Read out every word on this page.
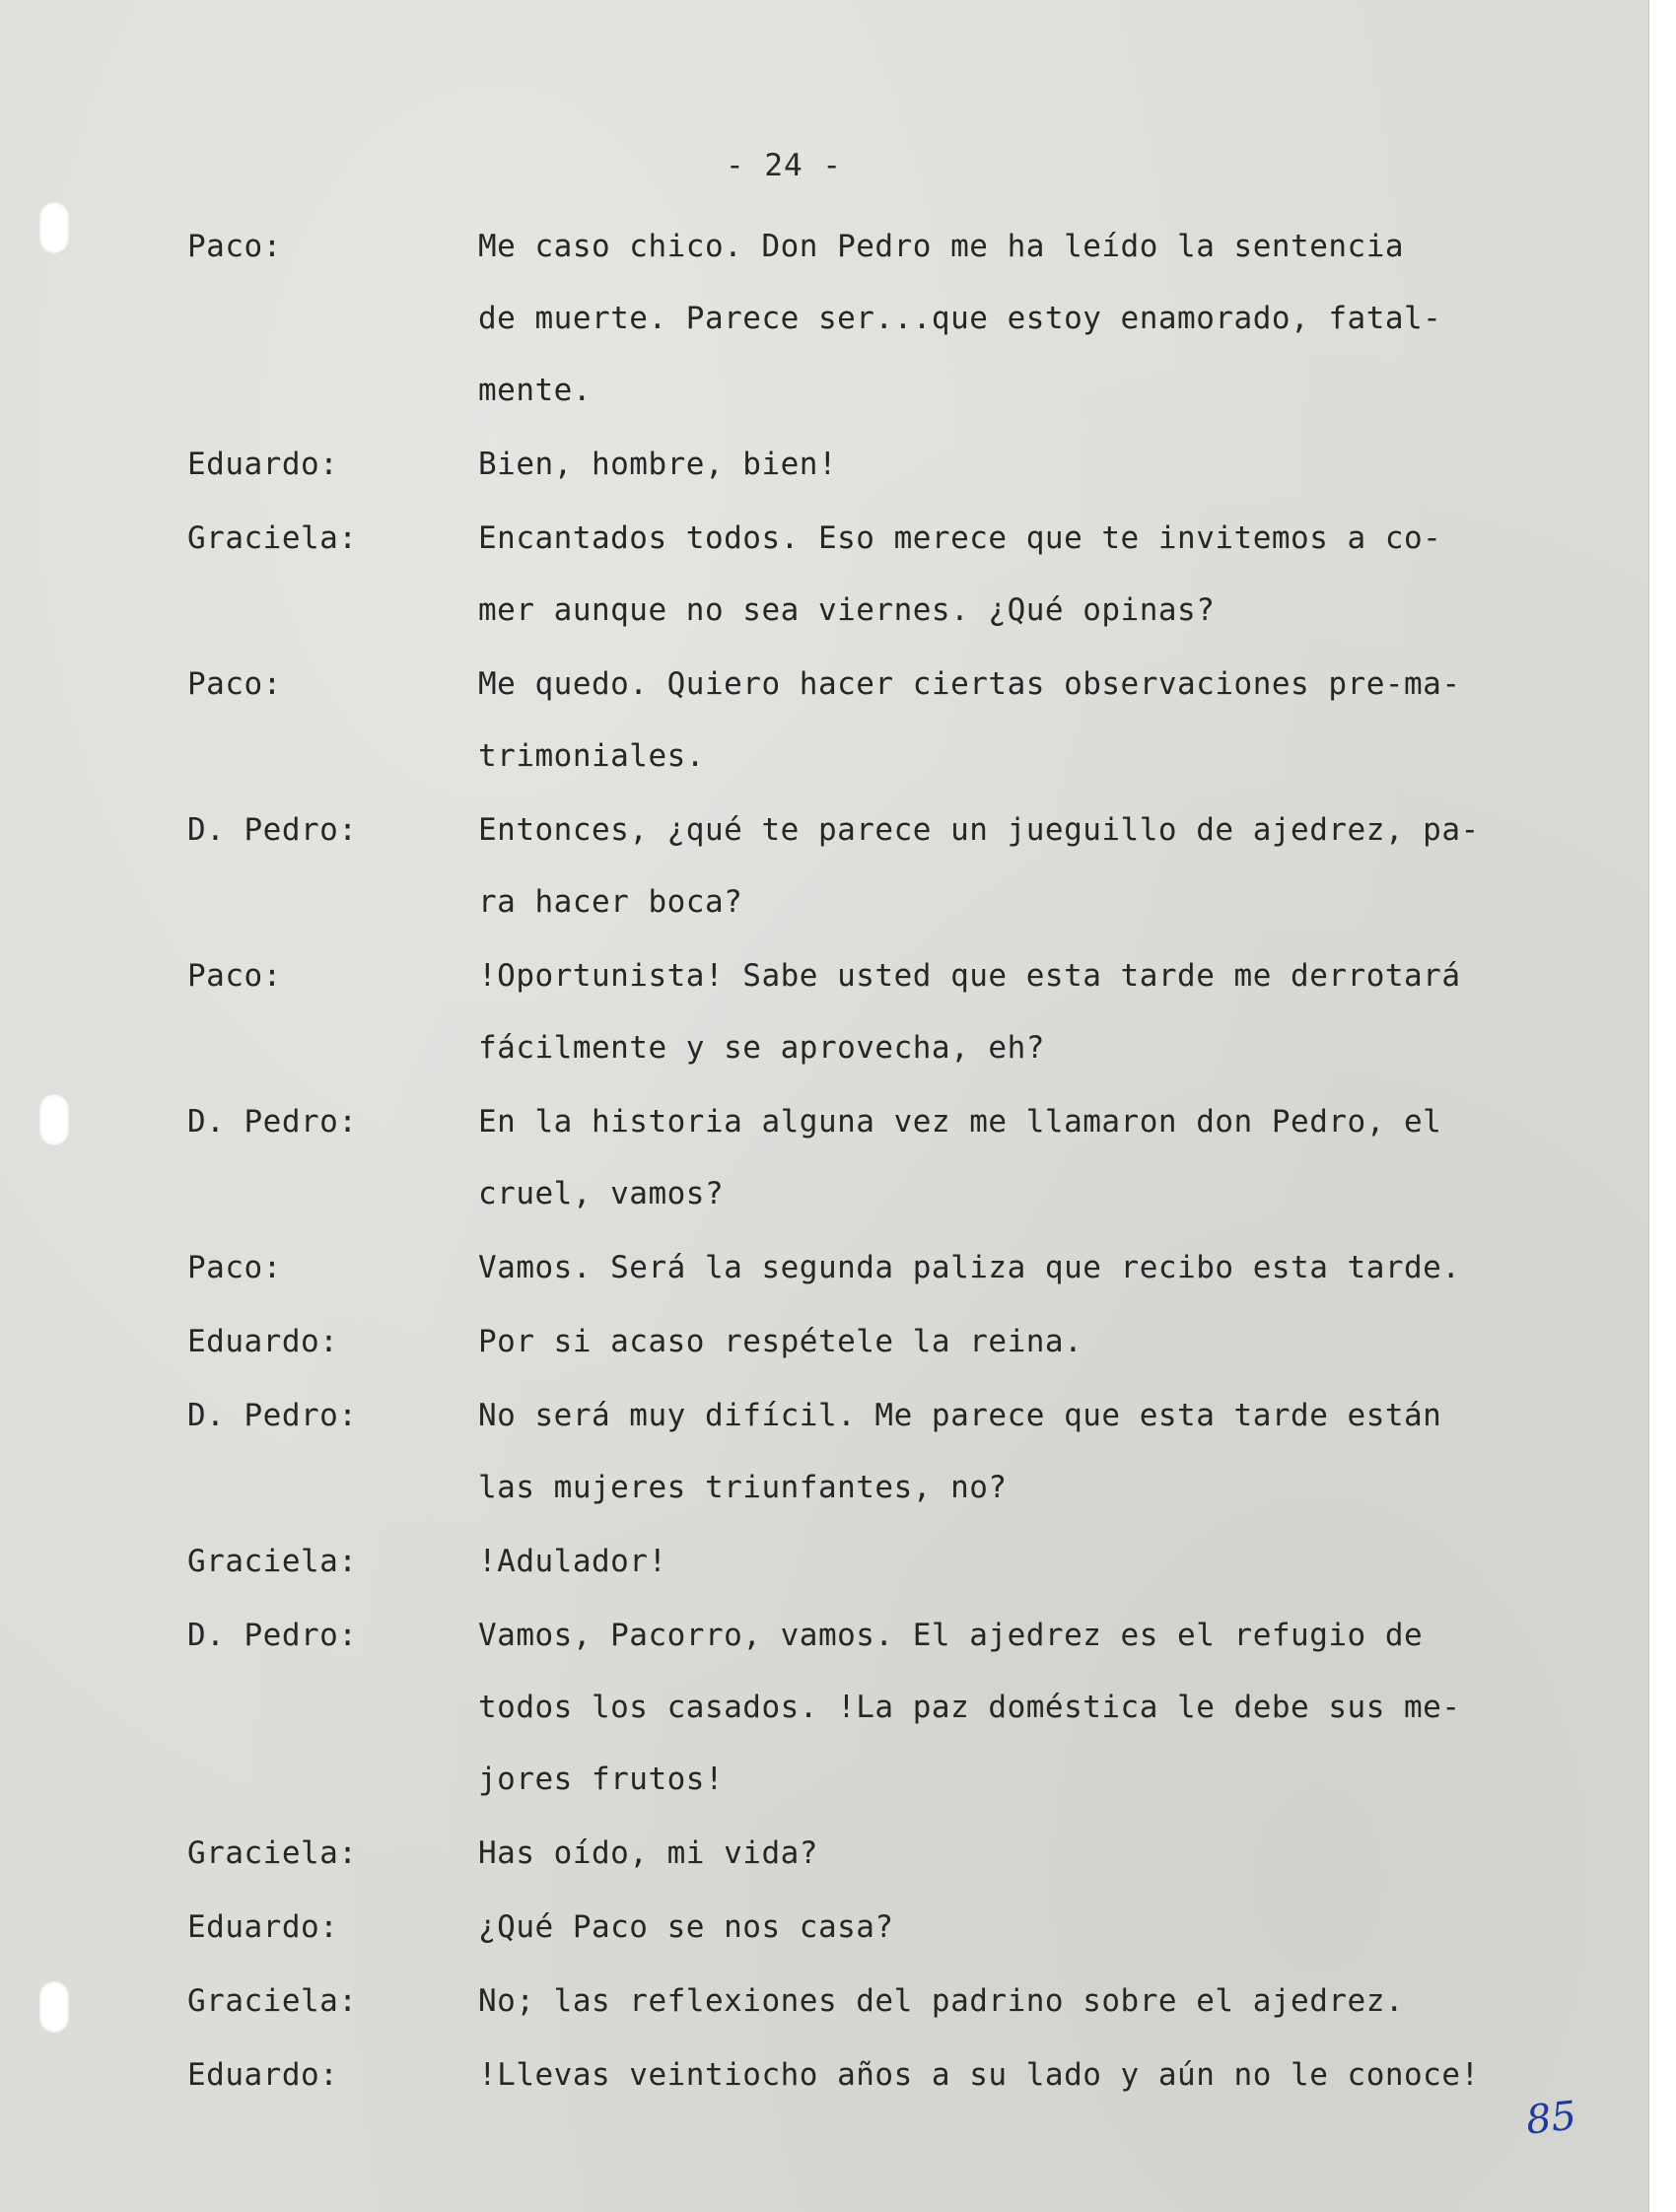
- 24 -
Paco:	Me caso chico. Don Pedro me ha leído la sentencia
de muerte. Parece ser...que estoy enamorado, fatal-
mente.
Eduardo:	Bien, hombre, bien!
Graciela:	Encantados todos. Eso merece que te invitemos a co-
mer aunque no sea viernes. ¿Qué opinas?
Paco:	Me quedo. Quiero hacer ciertas observaciones pre-ma-
trimoniales.
D. Pedro:	Entonces, ¿qué te parece un jueguillo de ajedrez, pa-
ra hacer boca?
Paco:	!Oportunista! Sabe usted que esta tarde me derrotará
fácilmente y se aprovecha, eh?
D. Pedro:	En la historia alguna vez me llamaron don Pedro, el
cruel, vamos?
Paco:	Vamos. Será la segunda paliza que recibo esta tarde.
Eduardo:	Por si acaso respétele la reina.
D. Pedro:	No será muy difícil. Me parece que esta tarde están
las mujeres triunfantes, no?
Graciela:	!Adulador!
D. Pedro:	Vamos, Pacorro, vamos. El ajedrez es el refugio de
todos los casados. !La paz doméstica le debe sus me-
jores frutos!
Graciela:	Has oído, mi vida?
Eduardo:	¿Qué Paco se nos casa?
Graciela:	No; las reflexiones del padrino sobre el ajedrez.
Eduardo:	!Llevas veintiocho años a su lado y aún no le conoce!
85
